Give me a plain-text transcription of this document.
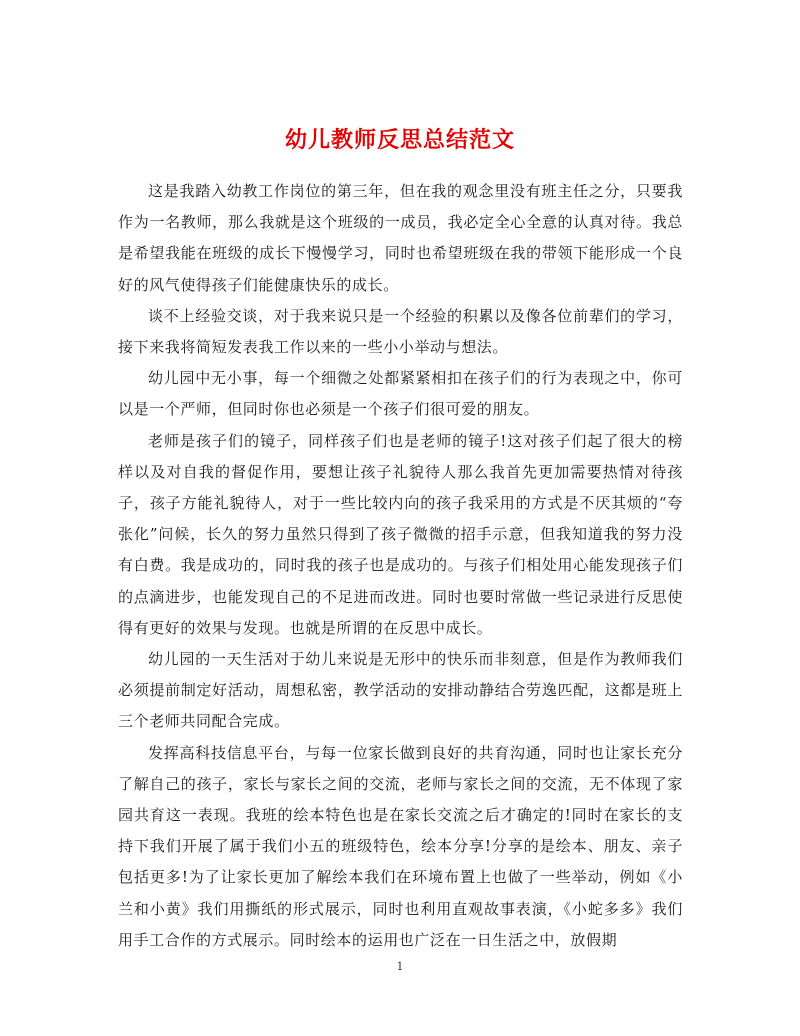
幼儿教师反思总结范文

这是我踏入幼教工作岗位的第三年，但在我的观念里没有班主任之分，只要我作为一名教师，那么我就是这个班级的一成员，我必定全心全意的认真对待。我总是希望我能在班级的成长下慢慢学习，同时也希望班级在我的带领下能形成一个良好的风气使得孩子们能健康快乐的成长。

谈不上经验交谈，对于我来说只是一个经验的积累以及像各位前辈们的学习，接下来我将简短发表我工作以来的一些小小举动与想法。

幼儿园中无小事，每一个细微之处都紧紧相扣在孩子们的行为表现之中，你可以是一个严师，但同时你也必须是一个孩子们很可爱的朋友。

老师是孩子们的镜子，同样孩子们也是老师的镜子!这对孩子们起了很大的榜样以及对自我的督促作用，要想让孩子礼貌待人那么我首先更加需要热情对待孩子，孩子方能礼貌待人，对于一些比较内向的孩子我采用的方式是不厌其烦的“夸张化”问候，长久的努力虽然只得到了孩子微微的招手示意，但我知道我的努力没有白费。我是成功的，同时我的孩子也是成功的。与孩子们相处用心能发现孩子们的点滴进步，也能发现自己的不足进而改进。同时也要时常做一些记录进行反思使得有更好的效果与发现。也就是所谓的在反思中成长。

幼儿园的一天生活对于幼儿来说是无形中的快乐而非刻意，但是作为教师我们必须提前制定好活动，周想私密，教学活动的安排动静结合劳逸匹配，这都是班上三个老师共同配合完成。

发挥高科技信息平台，与每一位家长做到良好的共育沟通，同时也让家长充分了解自己的孩子，家长与家长之间的交流，老师与家长之间的交流，无不体现了家园共育这一表现。我班的绘本特色也是在家长交流之后才确定的!同时在家长的支持下我们开展了属于我们小五的班级特色，绘本分享!分享的是绘本、朋友、亲子包括更多!为了让家长更加了解绘本我们在环境布置上也做了一些举动，例如《小兰和小黄》我们用撕纸的形式展示，同时也利用直观故事表演，《小蛇多多》我们用手工合作的方式展示。同时绘本的运用也广泛在一日生活之中，放假期

1
